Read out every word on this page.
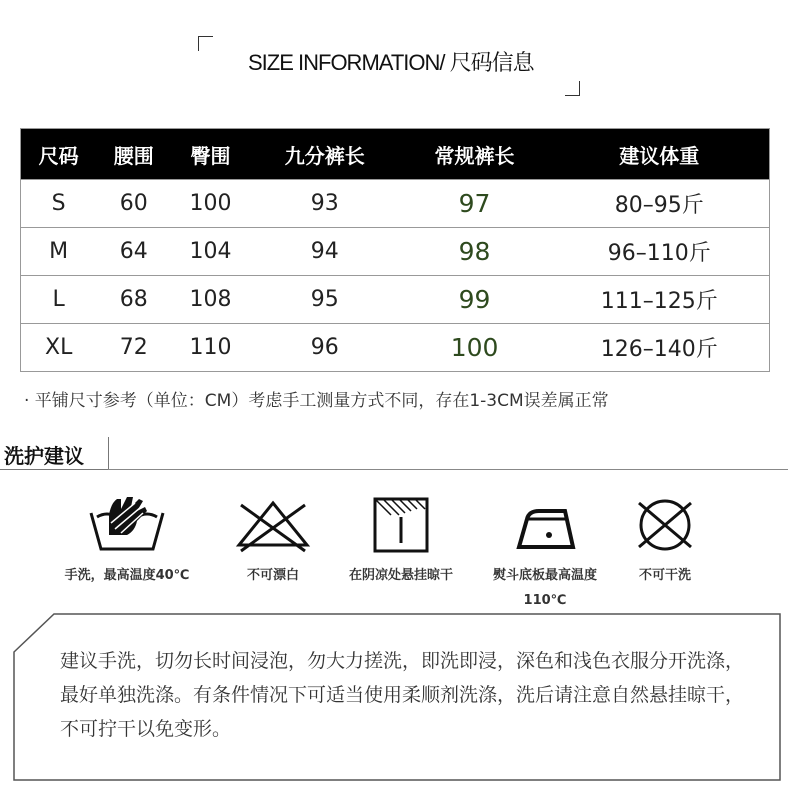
SIZE INFORMATION/ 尺码信息
尺码	腰围	臀围	九分裤长	常规裤长	建议体重
S	60	100	93	97	80–95斤
M	64	104	94	98	96–110斤
L	68	108	95	99	111–125斤
XL	72	110	96	100	126–140斤
· 平铺尺寸参考（单位：CM）考虑手工测量方式不同，存在1-3CM误差属正常
洗护建议
手洗，最高温度40℃	不可漂白	在阴凉处悬挂晾干	熨斗底板最高温度110℃
不可干洗
建议手洗，切勿长时间浸泡，勿大力搓洗，即洗即浸，深色和浅色衣服分开洗涤，最好单独洗涤。有条件情况下可适当使用柔顺剂洗涤，洗后请注意自然悬挂晾干，不可拧干以免变形。
